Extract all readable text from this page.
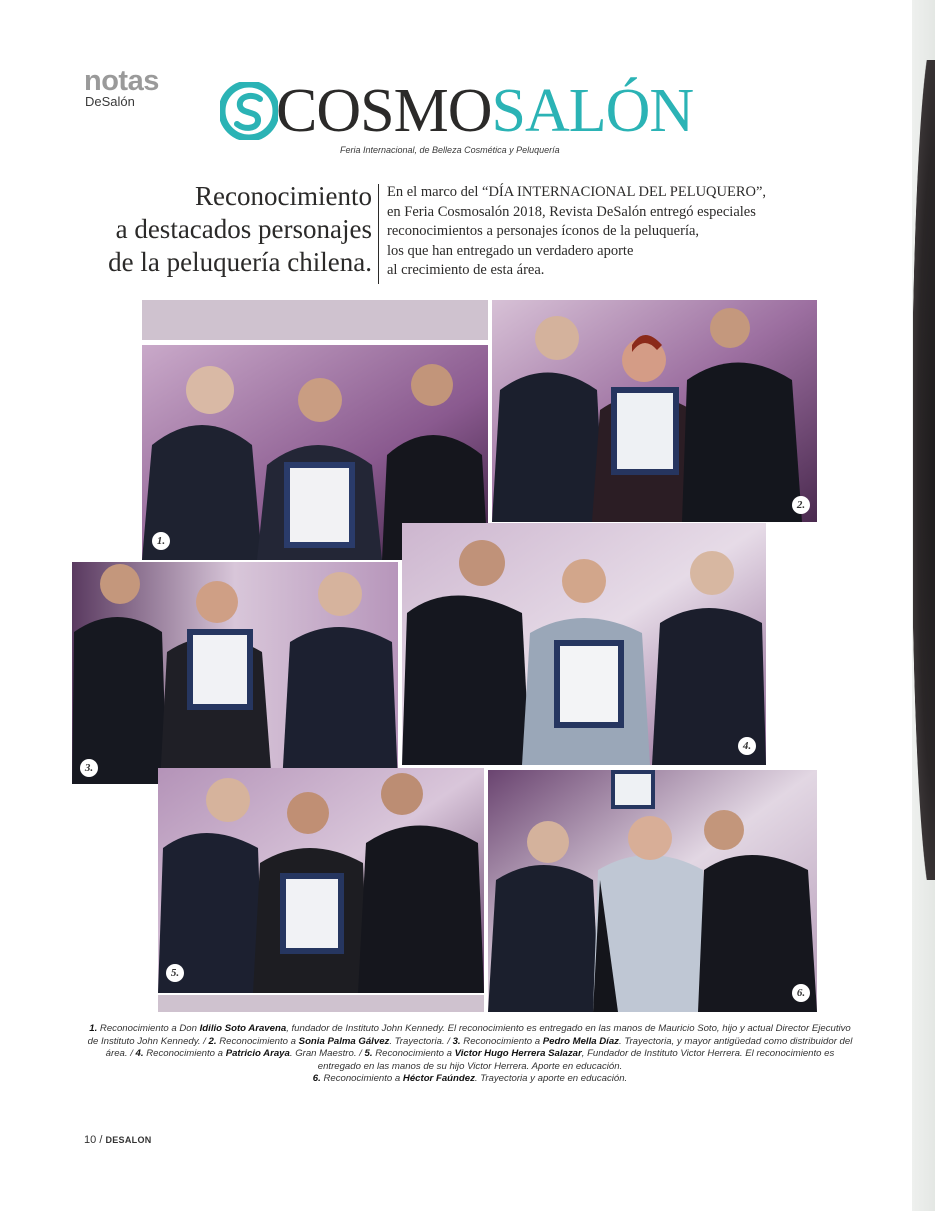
notas
DeSalón COSMOSALÓN
Feria Internacional, de Belleza Cosmética y Peluquería
Reconocimiento
a destacados personajes
de la peluquería chilena.
En el marco del “DÍA INTERNACIONAL DEL PELUQUERO”,
en Feria Cosmosalón 2018, Revista DeSalón entregó especiales
reconocimientos a personajes íconos de la peluquería,
los que han entregado un verdadero aporte
al crecimiento de esta área.
1.
2.
3.
4.
5.
6.
1. Reconocimiento a Don Idilio Soto Aravena, fundador de Instituto John Kennedy. El reconocimiento es entregado en las manos de Mauricio Soto, hijo y actual Director Ejecutivo de Instituto John Kennedy. / 2. Reconocimiento a Sonia Palma Gálvez. Trayectoria. / 3. Reconocimiento a Pedro Mella Díaz. Trayectoria, y mayor antigüedad como distribuidor del área. / 4. Reconocimiento a Patricio Araya. Gran Maestro. / 5. Reconocimiento a Victor Hugo Herrera Salazar, Fundador de Instituto Victor Herrera. El reconocimiento es entregado en las manos de su hijo Victor Herrera. Aporte en educación.
6. Reconocimiento a Héctor Faúndez. Trayectoria y aporte en educación.
10 / DESALON
